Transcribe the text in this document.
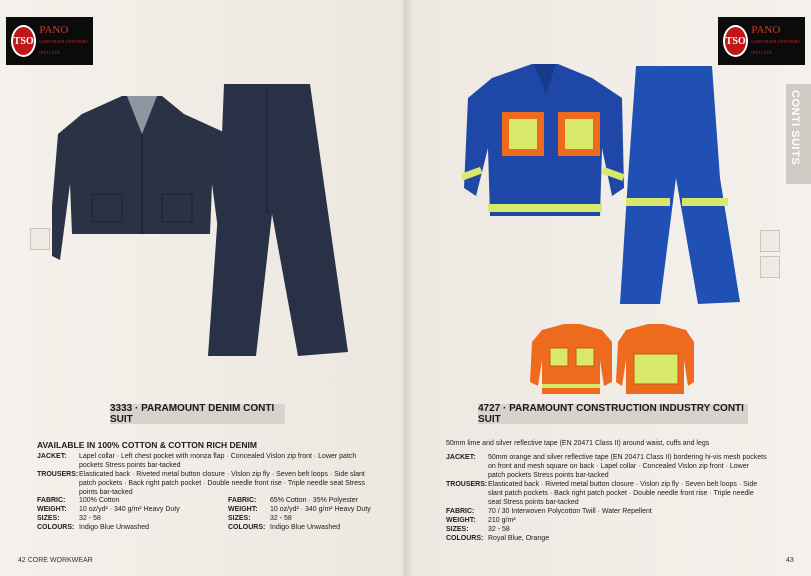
TSO
PANO
CORPORATE UNIFORMS (PTY) LTD
3333 · PARAMOUNT DENIM CONTI SUIT
AVAILABLE IN 100% COTTON & COTTON RICH DENIM
JACKET:	Lapel collar · Left chest pocket with monza flap · Concealed Vislon zip front · Lower patch pockets Stress points bar-tacked
TROUSERS: Elasticated back · Riveted metal button closure · Vislon zip fly · Seven belt loops · Side slant patch pockets · Back right patch pocket · Double needle front rise · Triple needle seat Stress points bar-tacked
FABRIC:	100% Cotton
WEIGHT:	10 oz/yd² · 340 g/m² Heavy Duty
SIZES:	32 - 58
COLOURS: Indigo Blue Unwashed
FABRIC:	65% Cotton · 35% Polyester
WEIGHT:	10 oz/yd² · 340 g/m² Heavy Duty
SIZES:	32 - 58
COLOURS: Indigo Blue Unwashed
42 CORE WORKWEAR
TSO
PANO
CORPORATE UNIFORMS (PTY) LTD
CONTI SUITS
4727 · PARAMOUNT CONSTRUCTION INDUSTRY CONTI SUIT
50mm lime and silver reflective tape (EN 20471 Class II) around waist, cuffs and legs
JACKET:	50mm orange and silver reflective tape (EN 20471 Class II) bordering hi-vis mesh pockets on front and mesh square on back · Lapel collar · Concealed Vislon zip front · Lower patch pockets Stress points bar-tacked
TROUSERS: Elasticated back · Riveted metal button closure · Vislon zip fly · Seven belt loops · Side slant patch pockets · Back right patch pocket · Double needle front rise · Triple needle seat Stress points bar-tacked
FABRIC:	70 / 30 Interwoven Polycotton Twill · Water Repellent
WEIGHT:	210 g/m²
SIZES:	32 - 58
COLOURS: Royal Blue, Orange
43
